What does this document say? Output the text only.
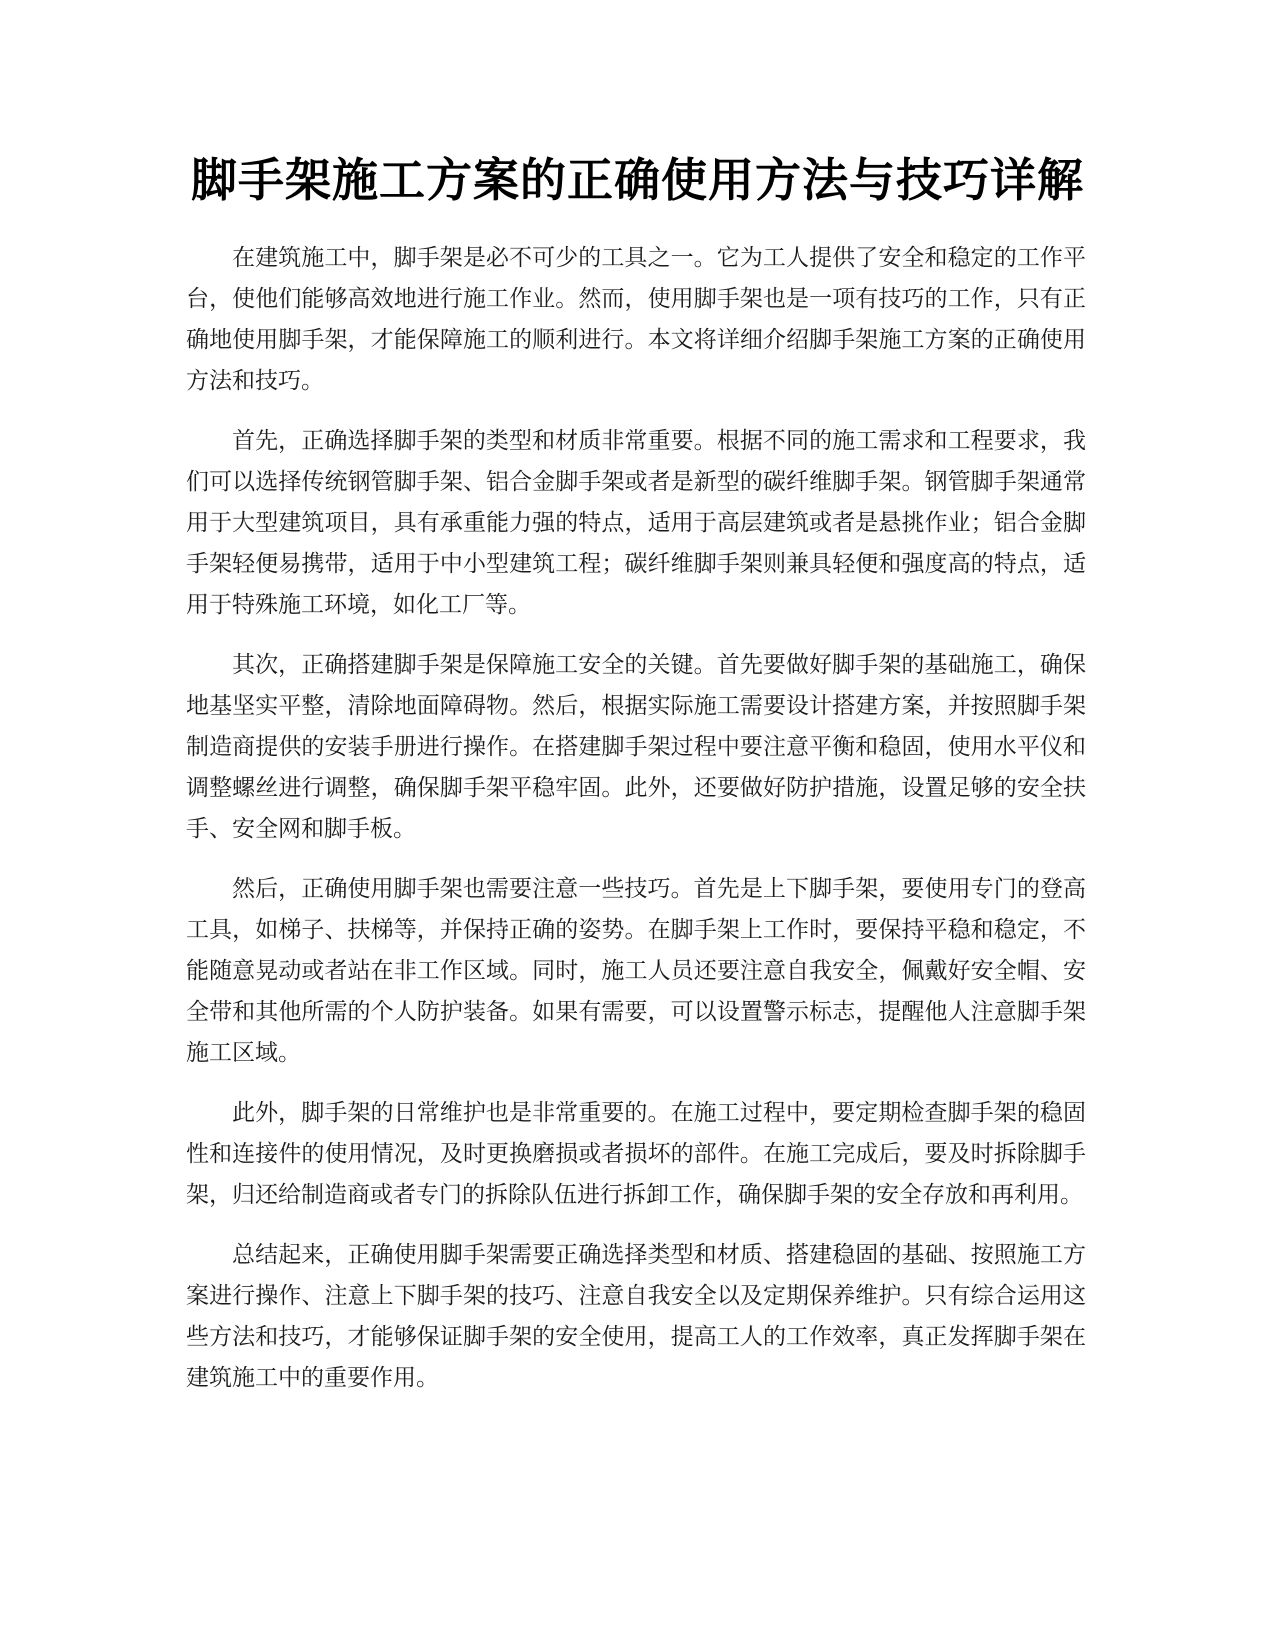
脚手架施工方案的正确使用方法与技巧详解

在建筑施工中，脚手架是必不可少的工具之一。它为工人提供了安全和稳定的工作平台，使他们能够高效地进行施工作业。然而，使用脚手架也是一项有技巧的工作，只有正确地使用脚手架，才能保障施工的顺利进行。本文将详细介绍脚手架施工方案的正确使用方法和技巧。

首先，正确选择脚手架的类型和材质非常重要。根据不同的施工需求和工程要求，我们可以选择传统钢管脚手架、铝合金脚手架或者是新型的碳纤维脚手架。钢管脚手架通常用于大型建筑项目，具有承重能力强的特点，适用于高层建筑或者是悬挑作业；铝合金脚手架轻便易携带，适用于中小型建筑工程；碳纤维脚手架则兼具轻便和强度高的特点，适用于特殊施工环境，如化工厂等。

其次，正确搭建脚手架是保障施工安全的关键。首先要做好脚手架的基础施工，确保地基坚实平整，清除地面障碍物。然后，根据实际施工需要设计搭建方案，并按照脚手架制造商提供的安装手册进行操作。在搭建脚手架过程中要注意平衡和稳固，使用水平仪和调整螺丝进行调整，确保脚手架平稳牢固。此外，还要做好防护措施，设置足够的安全扶手、安全网和脚手板。

然后，正确使用脚手架也需要注意一些技巧。首先是上下脚手架，要使用专门的登高工具，如梯子、扶梯等，并保持正确的姿势。在脚手架上工作时，要保持平稳和稳定，不能随意晃动或者站在非工作区域。同时，施工人员还要注意自我安全，佩戴好安全帽、安全带和其他所需的个人防护装备。如果有需要，可以设置警示标志，提醒他人注意脚手架施工区域。

此外，脚手架的日常维护也是非常重要的。在施工过程中，要定期检查脚手架的稳固性和连接件的使用情况，及时更换磨损或者损坏的部件。在施工完成后，要及时拆除脚手架，归还给制造商或者专门的拆除队伍进行拆卸工作，确保脚手架的安全存放和再利用。

总结起来，正确使用脚手架需要正确选择类型和材质、搭建稳固的基础、按照施工方案进行操作、注意上下脚手架的技巧、注意自我安全以及定期保养维护。只有综合运用这些方法和技巧，才能够保证脚手架的安全使用，提高工人的工作效率，真正发挥脚手架在建筑施工中的重要作用。
